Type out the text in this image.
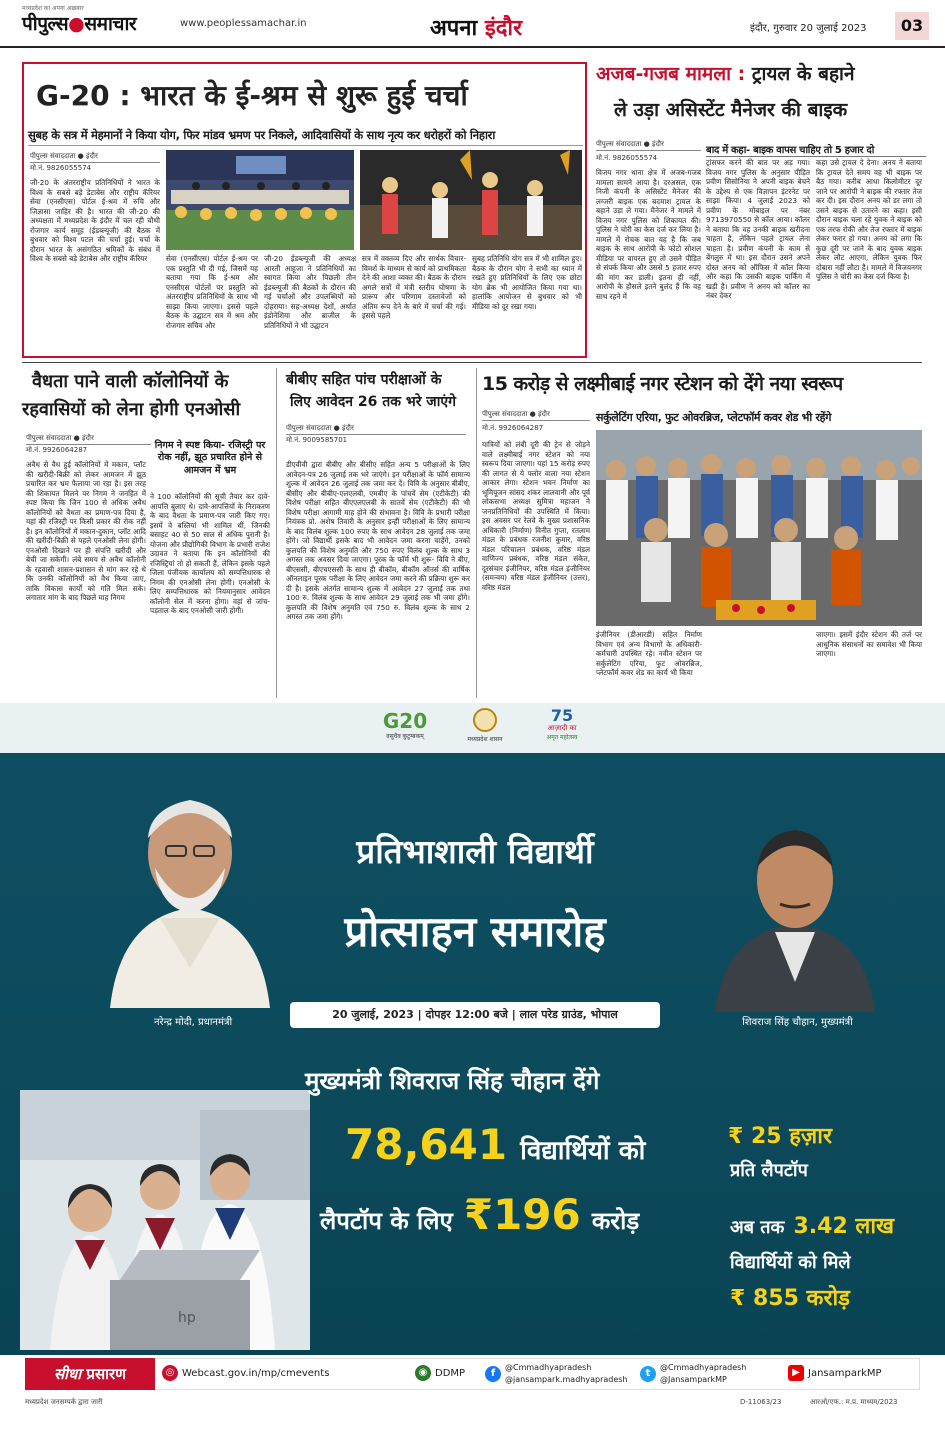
मध्यप्रदेश का अपना अख़बार
पीपुल्स●समाचार	www.peoplessamachar.in	अपना इंदौर	इंदौर, गुरुवार 20 जुलाई 2023	03
G-20 : भारत के ई-श्रम से शुरू हुई चर्चा
सुबह के सत्र में मेहमानों ने किया योग, फिर मांडव भ्रमण पर निकले, आदिवासियों के साथ नृत्य कर धरोहरों को निहारा
पीपुल्स संवाददाता ● इंदौर
मो.नं. 9826055574
जी-20 के अंतरराष्ट्रीय प्रतिनिधियों ने भारत के विश्व के सबसे बड़े डेटाबेस और राष्ट्रीय कॅरियर सेवा (एनसीएस) पोर्टल ई-श्रम में रुचि और जिज्ञासा जाहिर की है। भारत की जी-20 की अध्यक्षता में मध्यप्रदेश के इंदौर में चल रही चौथी रोजगार कार्य समूह (ईडब्ल्यूजी) की बैठक में बुधवार को विश्व पटल की चर्चा हुई। चर्चा के दौरान भारत के असंगठित श्रमिकों के संबंध में विश्व के सबसे बड़े डेटाबेस और राष्ट्रीय कॅरियर	सेवा (एनसीएस) पोर्टल ई-श्रम पर एक प्रस्तुति भी दी गई, जिसमें यह बताया गया कि ई-श्रम और एनसीएस पोर्टलों पर प्रस्तुति को अंतरराष्ट्रीय प्रतिनिधियों के साथ भी साझा किया जाएगा। इससे पहले बैठक के उद्घाटन सत्र में श्रम और रोजगार सचिव और
जी-20 ईडब्ल्यूजी की अध्यक्ष आरती आहूजा ने प्रतिनिधियों का स्वागत किया और पिछली तीन ईडब्ल्यूजी की बैठकों के दौरान की गई चर्चाओं और उपलब्धियों को दोहराया। सह-अध्यक्ष देशों, अर्थात इंडोनेशिया और ब्राजील के प्रतिनिधियों ने भी उद्घाटन
सत्र में वक्तव्य दिए और सार्थक विचार-विमर्श के माध्यम से कार्य को प्राथमिकता देने की आशा व्यक्त की। बैठक के दौरान अगले सत्रों में मंत्री स्तरीय घोषणा के प्रारूप और परिणाम दस्तावेजों को अंतिम रूप देने के बारे में चर्चा की गई। इससे पहले
सुबह प्रतिनिधि योग सत्र में भी शामिल हुए। बैठक के दौरान योग ने सभी का ध्यान में रखते हुए प्रतिनिधियों के लिए एक छोटा योग ब्रेक भी आयोजित किया गया था। हालांकि आयोजन से बुधवार को भी मीडिया को दूर रखा गया।
अजब-गजब मामला : ट्रायल के बहाने
ले उड़ा असिस्टेंट मैनेजर की बाइक
पीपुल्स संवाददाता ● इंदौर
मो.नं. 9826055574
बाद में कहा- बाइक वापस चाहिए तो 5 हजार दो
विजय नगर थाना क्षेत्र में अजब-गजब मामला सामने आया है। दरअसल, एक निजी कंपनी के असिस्टेंट मैनेजर की लग्जरी बाइक एक बदमाश ट्रायल के बहाने उड़ा ले गया। मैनेजर ने मामले में विजय नगर पुलिस को शिकायत की। पुलिस ने चोरी का केस दर्ज कर लिया है। मामले में रोचक बात यह है कि जब बाइक के साथ आरोपी के फोटो सोशल मीडिया पर वायरल हुए तो उसने पीड़ित से संपर्क किया और उससे 5 हजार रुपए की मांग कर डाली। इतना ही नहीं, आरोपी के हौसले इतने बुलंद हैं कि वह साथ रहने में
ट्रांसफर करने की बात पर अड़ गया। विजय नगर पुलिस के अनुसार पीड़ित प्रवीण सिसोनिया ने अपनी बाइक बेचने के उद्देश्य से एक विज्ञापन इंटरनेट पर साझा किया। 4 जुलाई 2023 को प्रवीण के मोबाइल पर नंबर 9713970550 से कॉल आया। कॉलर ने बताया कि वह उनकी बाइक खरीदना चाहता है, लेकिन पहले ट्रायल लेना चाहता है। प्रवीण कंपनी के काम से बेंगलुरु में था। इस दौरान उसने अपने दोस्त अनय को ऑफिस में कॉल किया और कहा कि उसकी बाइक पार्किंग में खड़ी है। प्रवीण ने अनय को कॉलर का नंबर देकर
कहा उसे ट्रायल दे देना। अनय ने बताया कि ट्रायल देते समय वह भी बाइक पर बैठ गया। करीब आधा किलोमीटर दूर जाने पर आरोपी ने बाइक की रफ्तार तेज कर दी। इस दौरान अनय को डर लगा तो उसने बाइक से उतारने का कहा। इसी दौरान बाइक चला रहे युवक ने बाइक को एक तरफ रोकी और तेज रफ्तार में बाइक लेकर फरार हो गया। अनय को लगा कि कुछ दूरी पर जाने के बाद युवक बाइक लेकर लौट आएगा, लेकिन युवक फिर दोबारा नहीं लौटा है। मामले में विजयनगर पुलिस ने चोरी का केस दर्ज किया है।
वैधता पाने वाली कॉलोनियों के
रहवासियों को लेना होगी एनओसी
पीपुल्स संवाददाता ● इंदौर
मो.नं. 9926064287	निगम ने स्पष्ट किया- रजिस्ट्री पर रोक नहीं, झूठ प्रचारित होने से आमजन में भ्रम
अवैध से वैध हुई कॉलोनियों में मकान, प्लॉट की खरीदी-बिक्री को लेकर आमजन में झूठ प्रचारित कर भ्रम फैलाया जा रहा है। इस तरह की शिकायत मिलने पर निगम ने जनहित में स्पष्ट किया कि जिन 100 से अधिक अवैध कॉलोनियों को वैधता का प्रमाण-पत्र दिया है, यहां की रजिस्ट्री पर किसी प्रकार की रोक नहीं है। इन कॉलोनियों में मकान-दुकान, प्लॉट आदि की खरीदी-बिक्री से पहले एनओसी लेना होगी। एनओसी दिखाने पर ही संपत्ति खरीदी और बेची जा सकेगी। लंबे समय से अवैध कॉलोनी के रहवासी शासन-प्रशासन से मांग कर रहे थे कि उनकी कॉलोनियों को वैध किया जाए, ताकि विकास कार्यों को गति मिल सके। लगातार मांग के बाद पिछले माह निगम
ने 100 कॉलोनियों की सूची तैयार कर दावे-आपत्ति बुलाए थे। दावे-आपत्तियों के निराकरण के बाद वैधता के प्रमाण-पत्र जारी किए गए। इसमें वे बस्तियां भी शामिल थीं, जिनकी बसाहट 40 से 50 साल से अधिक पुरानी है। योजना और प्रौद्योगिकी विभाग के प्रभारी राजेश उदावत ने बताया कि इन कॉलोनियों की रजिस्ट्रियां तो हो सकती हैं, लेकिन इसके पहले जिला पंजीयक कार्यालय को सम्पत्तिधारक से निगम की एनओसी लेना होगी। एनओसी के लिए सम्पत्तिधारक को नियमानुसार आवेदन कॉलोनी सेल में करना होगा। वहां से जांच-पड़ताल के बाद एनओसी जारी होगी।
बीबीए सहित पांच परीक्षाओं के
लिए आवेदन 26 तक भरे जाएंगे
पीपुल्स संवाददाता ● इंदौर
मो.नं. 9009585701
डीएवीवी द्वारा बीबीए और बीसीए सहित अन्य 5 परीक्षाओं के लिए आवेदन-पत्र 26 जुलाई तक भरे जाएंगे। इन परीक्षाओं के फॉर्म सामान्य शुल्क में आवेदन 26 जुलाई तक जमा कर दें। विवि के अनुसार बीबीए, बीसीए और बीबीए-एलएलबी, एमबीए के पांचवें सेम (एटीकेटी) की विशेष परीक्षा सहित बीएएलएलबी के सातवें सेम (एटीकेटी) की भी विशेष परीक्षा आगामी माह होने की संभावना है। विवि के प्रभारी परीक्षा नियंत्रक प्रो. अशेष तिवारी के अनुसार इन्हीं परीक्षाओं के लिए सामान्य के बाद विलंब शुल्क 100 रुपए के साथ आवेदन 28 जुलाई तक जमा होंगे। जो विद्यार्थी इसके बाद भी आवेदन जमा करना चाहेंगे, उनको कुलपति की विशेष अनुमति और 750 रुपए विलंब शुल्क के साथ 3 अगस्त तक अवसर दिया जाएगा। पूरक के फॉर्म भी शुरू- विवि ने बीए, बीएससी, बीएचएससी के साथ ही बीकॉम, बीकॉम ऑनर्स की वार्षिक ऑनलाइन पूरक परीक्षा के लिए आवेदन जमा करने की प्रक्रिया शुरू कर दी है। इसके अंतर्गत सामान्य शुल्क में आवेदन 27 जुलाई तक तथा 100 रु. विलंब शुल्क के साथ आवेदन 29 जुलाई तक भी जमा होंगे। कुलपति की विशेष अनुमति एवं 750 रु. विलंब शुल्क के साथ 2 अगस्त तक जमा होंगे।
15 करोड़ से लक्ष्मीबाई नगर स्टेशन को देंगे नया स्वरूप
पीपुल्स संवाददाता ● इंदौर
मो.नं. 9926064287
सर्कुलेटिंग एरिया, फुट ओवरब्रिज, प्लेटफॉर्म कवर शेड भी रहेंगे
यात्रियों को लंबी दूरी की ट्रेन से जोड़ने वाले लक्ष्मीबाई नगर स्टेशन को नया स्वरूप दिया जाएगा। यहां 15 करोड़ रुपए की लागत से ये फ्लोर वाला नया स्टेशन आकार लेगा। स्टेशन भवन निर्माण का भूमिपूजन सांसद शंकर लालवानी और पूर्व लोकसभा अध्यक्ष सुमित्रा महाजन ने जनप्रतिनिधियों की उपस्थिति में किया। इस अवसर पर रेलवे के मुख्य प्रशासनिक अधिकारी (निर्माण) विनीत गुप्ता, रतलाम मंडल के प्रबंधक रजनीश कुमार, वरिष्ठ मंडल परिचालन प्रबंधक, वरिष्ठ मंडल वाणिज्य प्रबंधक, वरिष्ठ मंडल संकेत, दूरसंचार इंजीनियर, वरिष्ठ मंडल इंजीनियर (समन्वय) वरिष्ठ मंडल इंजीनियर (उत्तर), वरिष्ठ मंडल
इंजीनियर (डीआरडी) सहित निर्माण विभाग एवं अन्य विभागों के अधिकारी-कर्मचारी उपस्थित रहे। नवीन स्टेशन पर सर्कुलेटिंग एरिया, फुट ओवरब्रिज, प्लेटफॉर्म कवर शेड का कार्य भी किया
जाएगा। इसमें इंदौर स्टेशन की तर्ज पर आधुनिक संसाधनों का समावेश भी किया जाएगा।
G20
वसुधैव कुटुम्बकम्	मध्यप्रदेश शासन
75
आज़ादी का
अमृत महोत्सव
नरेन्द्र मोदी, प्रधानमंत्री	शिवराज सिंह चौहान, मुख्यमंत्री
प्रतिभाशाली विद्यार्थी
प्रोत्साहन समारोह
20 जुलाई, 2023 | दोपहर 12:00 बजे | लाल परेड ग्राउंड, भोपाल
hp
मुख्यमंत्री शिवराज सिंह चौहान देंगे
78,641 विद्यार्थियों को
लैपटॉप के लिए ₹196 करोड़
₹ 25 हज़ार
प्रति लैपटॉप
अब तक 3.42 लाख
विद्यार्थियों को मिले
₹ 855 करोड़
सीधा प्रसारण	◎ Webcast.gov.in/mp/cmevents	◉ DDMP	f
@Cmmadhyapradesh
@jansampark.madhyapradesh
t
@Cmmadhyapradesh
@JansamparkMP
▶ JansamparkMP
मध्यप्रदेश जनसम्पर्क द्वारा जारी	D-11063/23	आरओ/एफ.: म.प्र. माध्यम/2023
